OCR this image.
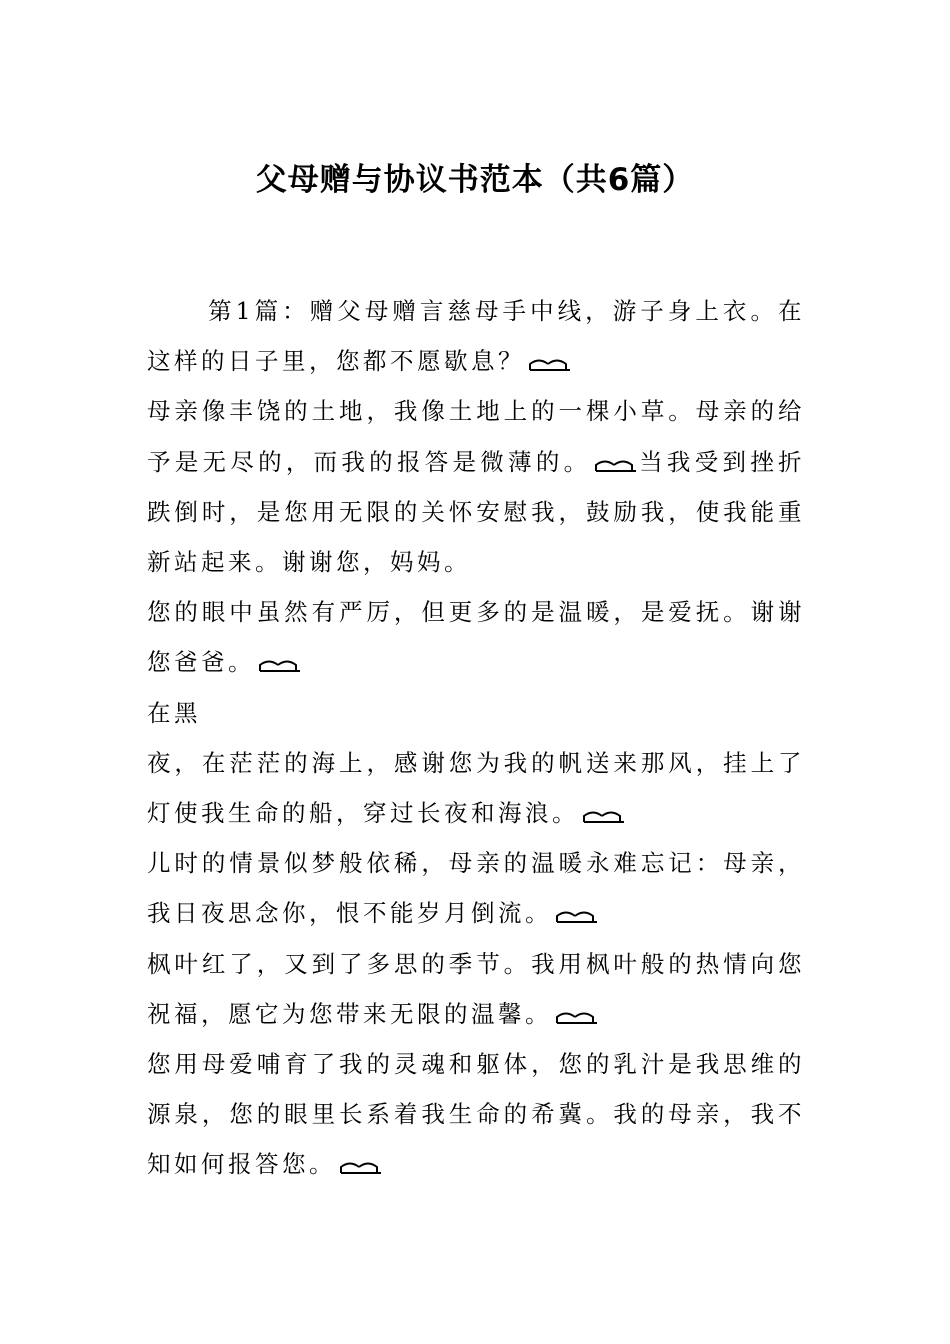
父母赠与协议书范本（共6篇）

第1篇：赠父母赠言慈母手中线，游子身上衣。在这样的日子里，您都不愿歇息？

母亲像丰饶的土地，我像土地上的一棵小草。母亲的给予是无尽的，而我的报答是微薄的。 当我受到挫折跌倒时，是您用无限的关怀安慰我，鼓励我，使我能重新站起来。谢谢您，妈妈。

您的眼中虽然有严厉，但更多的是温暖，是爱抚。谢谢您爸爸。

在黑

夜，在茫茫的海上，感谢您为我的帆送来那风，挂上了灯使我生命的船，穿过长夜和海浪。

儿时的情景似梦般依稀，母亲的温暖永难忘记：母亲，我日夜思念你，恨不能岁月倒流。

枫叶红了，又到了多思的季节。我用枫叶般的热情向您祝福，愿它为您带来无限的温馨。

您用母爱哺育了我的灵魂和躯体，您的乳汁是我思维的源泉，您的眼里长系着我生命的希冀。我的母亲，我不知如何报答您。
